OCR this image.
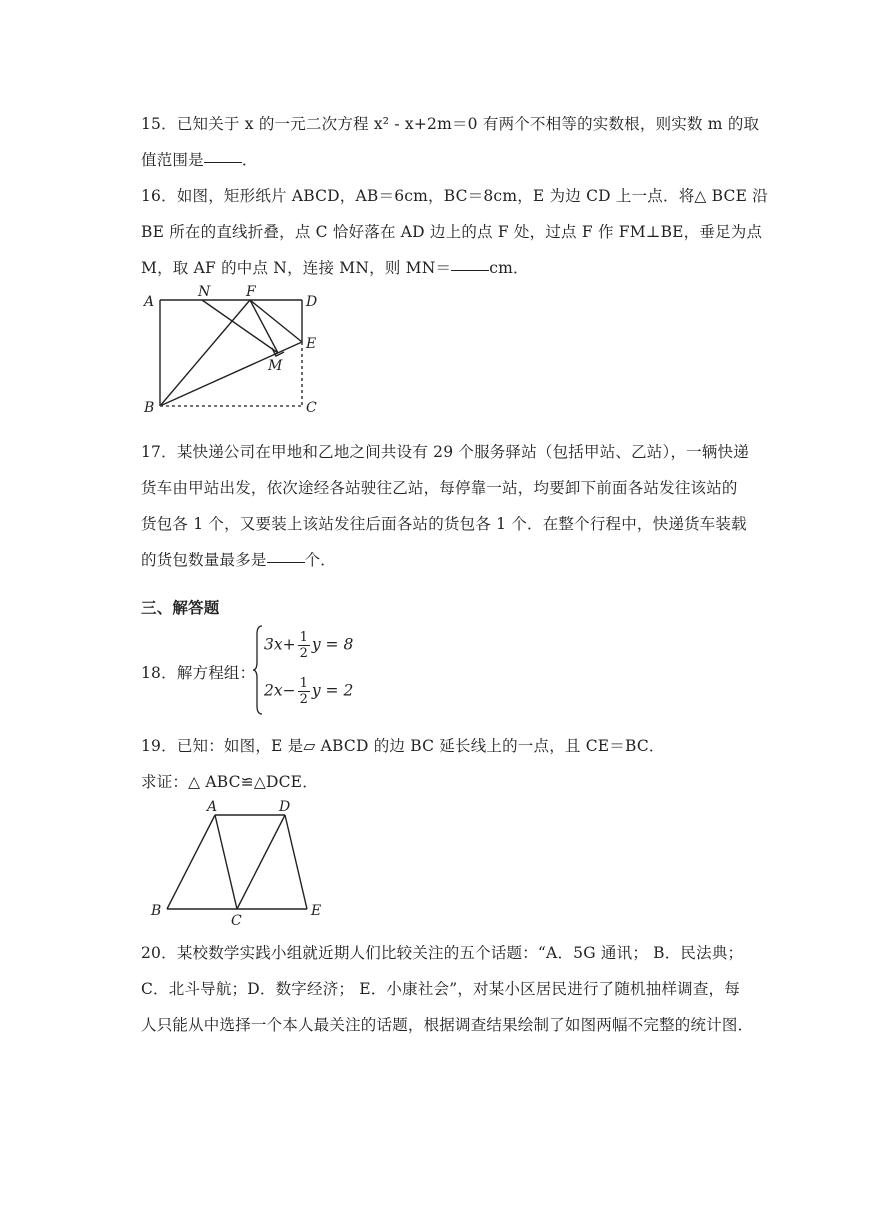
15．已知关于 x 的一元二次方程 x² - x+2m＝0 有两个不相等的实数根，则实数 m 的取
值范围是 ．
16．如图，矩形纸片 ABCD，AB＝6cm，BC＝8cm，E 为边 CD 上一点．将△ BCE 沿
BE 所在的直线折叠，点 C 恰好落在 AD 边上的点 F 处，过点 F 作 FM⊥BE，垂足为点
M，取 AF 的中点 N，连接 MN，则 MN＝ cm．
A
N	F
D
E
M
B	C
17．某快递公司在甲地和乙地之间共设有 29 个服务驿站（包括甲站、乙站），一辆快递
货车由甲站出发，依次途经各站驶往乙站，每停靠一站，均要卸下前面各站发往该站的
货包各 1 个，又要装上该站发往后面各站的货包各 1 个．在整个行程中，快递货车装载
的货包数量最多是 个．
三、解答题
18．解方程组：
$3x+ \frac{1}{2}$ y = 8
$2x- \frac{1}{2}$ y = 2
19．已知：如图，E 是▱ ABCD 的边 BC 延长线上的一点，且 CE＝BC．
求证：△ ABC≌△DCE．
A	D
B
C
E
20．某校数学实践小组就近期人们比较关注的五个话题：“A．5G 通讯； B．民法典；
C．北斗导航；D．数字经济； E．小康社会”，对某小区居民进行了随机抽样调查，每
人只能从中选择一个本人最关注的话题，根据调查结果绘制了如图两幅不完整的统计图．
